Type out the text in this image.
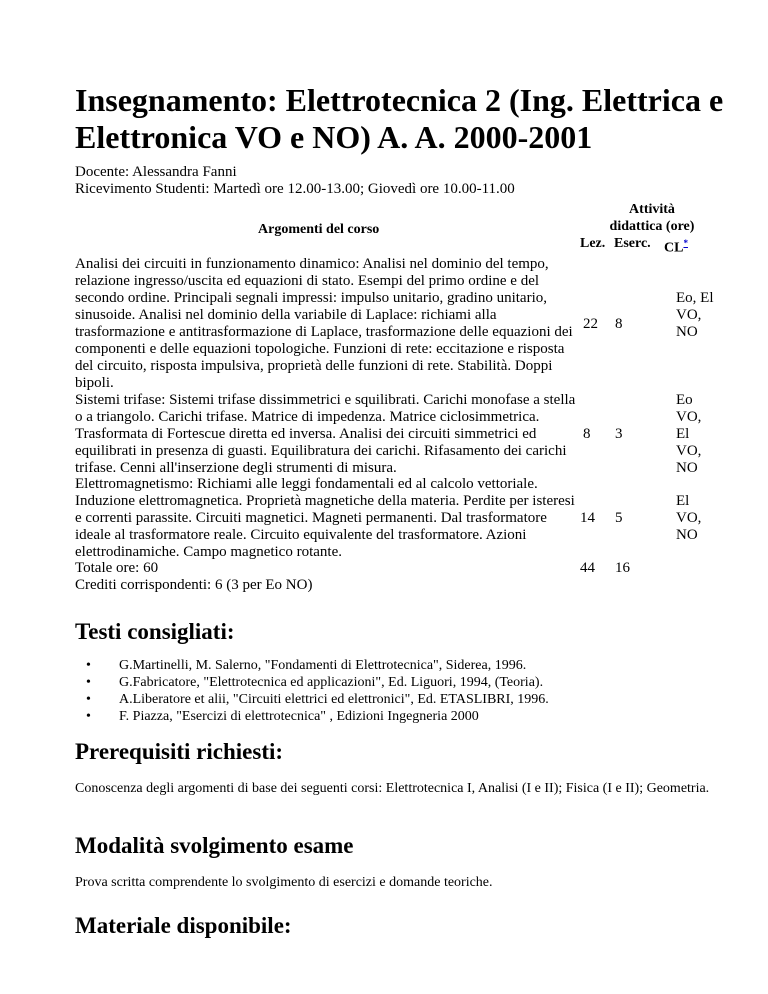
Insegnamento: Elettrotecnica 2 (Ing. Elettrica e Elettronica VO e NO) A. A. 2000-2001
Docente: Alessandra Fanni
Ricevimento Studenti: Martedì ore 12.00-13.00; Giovedì ore 10.00-11.00
Argomenti del corso
Attività
didattica (ore)
Lez. Eserc. CL*
Analisi dei circuiti in funzionamento dinamico: Analisi nel dominio del tempo, relazione ingresso/uscita ed equazioni di stato. Esempi del primo ordine e del secondo ordine. Principali segnali impressi: impulso unitario, gradino unitario, sinusoide. Analisi nel dominio della variabile di Laplace: richiami alla trasformazione e antitrasformazione di Laplace, trasformazione delle equazioni dei componenti e delle equazioni topologiche. Funzioni di rete: eccitazione e risposta del circuito, risposta impulsiva, proprietà delle funzioni di rete. Stabilità. Doppi bipoli.
22 8
Eo, El VO, NO
Sistemi trifase: Sistemi trifase dissimmetrici e squilibrati. Carichi monofase a stella o a triangolo. Carichi trifase. Matrice di impedenza. Matrice ciclosimmetrica. Trasformata di Fortescue diretta ed inversa. Analisi dei circuiti simmetrici ed equilibrati in presenza di guasti. Equilibratura dei carichi. Rifasamento dei carichi trifase. Cenni all'inserzione degli strumenti di misura.
8 3
Eo VO, El VO, NO
Elettromagnetismo: Richiami alle leggi fondamentali ed al calcolo vettoriale. Induzione elettromagnetica. Proprietà magnetiche della materia. Perdite per isteresi e correnti parassite. Circuiti magnetici. Magneti permanenti. Dal trasformatore ideale al trasformatore reale. Circuito equivalente del trasformatore. Azioni elettrodinamiche. Campo magnetico rotante.
14 5
El VO, NO
Totale ore: 60	44 16
Crediti corrispondenti: 6 (3 per Eo NO)
Testi consigliati:
• G.Martinelli, M. Salerno, "Fondamenti di Elettrotecnica", Siderea, 1996.
• G.Fabricatore, "Elettrotecnica ed applicazioni", Ed. Liguori, 1994, (Teoria).
• A.Liberatore et alii, "Circuiti elettrici ed elettronici", Ed. ETASLIBRI, 1996.
• F. Piazza, "Esercizi di elettrotecnica" , Edizioni Ingegneria 2000
Prerequisiti richiesti:
Conoscenza degli argomenti di base dei seguenti corsi: Elettrotecnica I, Analisi (I e II); Fisica (I e II); Geometria.
Modalità svolgimento esame
Prova scritta comprendente lo svolgimento di esercizi e domande teoriche.
Materiale disponibile:
